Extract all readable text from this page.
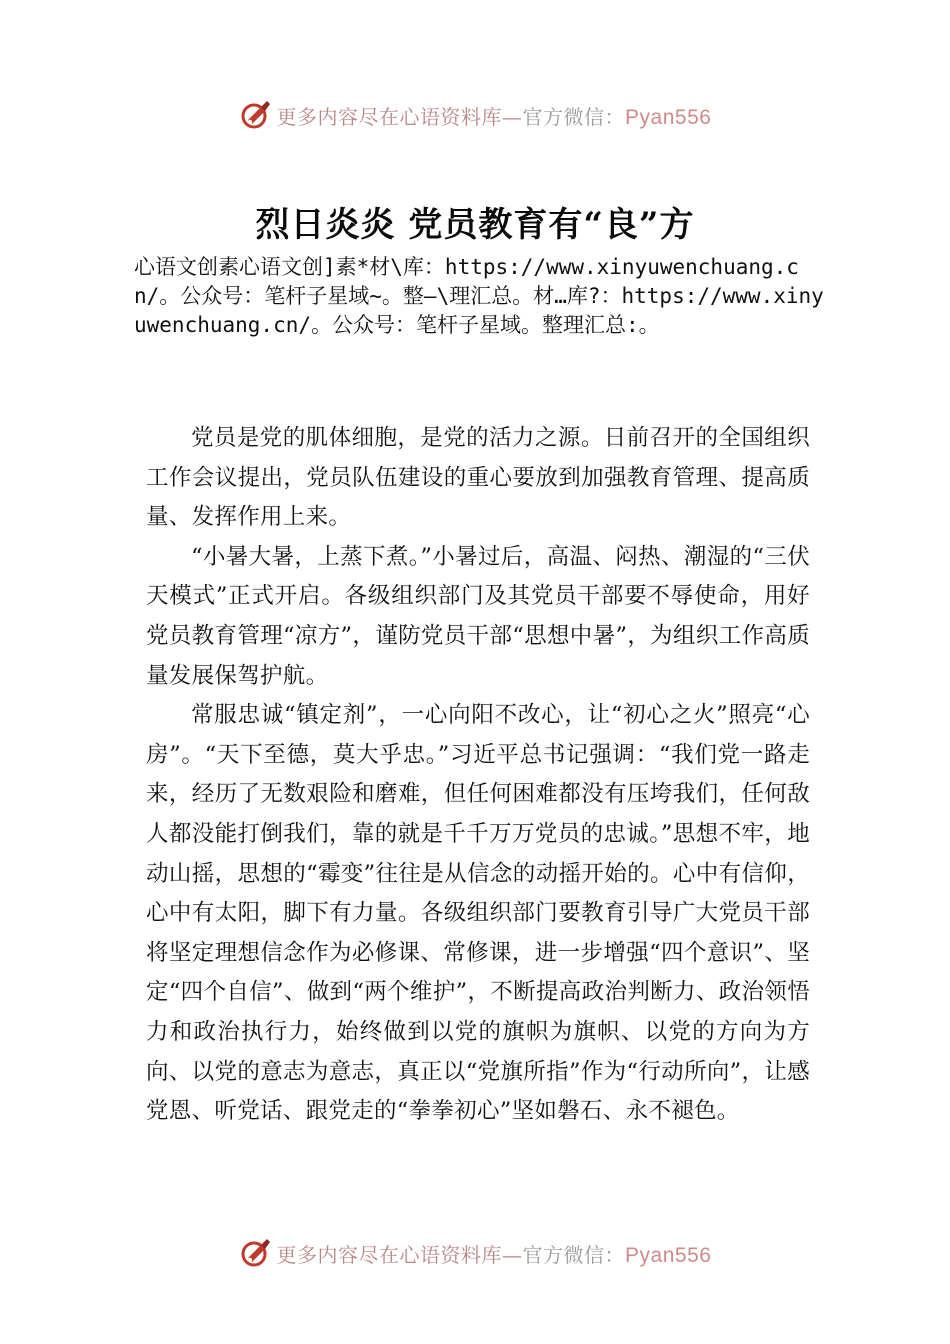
更多内容尽在心语资料库—官方微信：Pyan556
烈日炎炎 党员教育有“良”方

心语文创素心语文创]素*材\库：https://www.xinyuwenchuang.cn/。公众号：笔杆子星域~。整—\理汇总。材…库?：https://www.xinyuwenchuang.cn/。公众号：笔杆子星域。整理汇总:。

党员是党的肌体细胞，是党的活力之源。日前召开的全国组织工作会议提出，党员队伍建设的重心要放到加强教育管理、提高质量、发挥作用上来。

“小暑大暑，上蒸下煮。”小暑过后，高温、闷热、潮湿的“三伏天模式”正式开启。各级组织部门及其党员干部要不辱使命，用好党员教育管理“凉方”，谨防党员干部“思想中暑”，为组织工作高质量发展保驾护航。

常服忠诚“镇定剂”，一心向阳不改心，让“初心之火”照亮“心房”。“天下至德，莫大乎忠。”习近平总书记强调：“我们党一路走来，经历了无数艰险和磨难，但任何困难都没有压垮我们，任何敌人都没能打倒我们，靠的就是千千万万党员的忠诚。”思想不牢，地动山摇，思想的“霉变”往往是从信念的动摇开始的。心中有信仰，心中有太阳，脚下有力量。各级组织部门要教育引导广大党员干部将坚定理想信念作为必修课、常修课，进一步增强“四个意识”、坚定“四个自信”、做到“两个维护”，不断提高政治判断力、政治领悟力和政治执行力，始终做到以党的旗帜为旗帜、以党的方向为方向、以党的意志为意志，真正以“党旗所指”作为“行动所向”，让感党恩、听党话、跟党走的“拳拳初心”坚如磐石、永不褪色。

更多内容尽在心语资料库—官方微信：Pyan556
